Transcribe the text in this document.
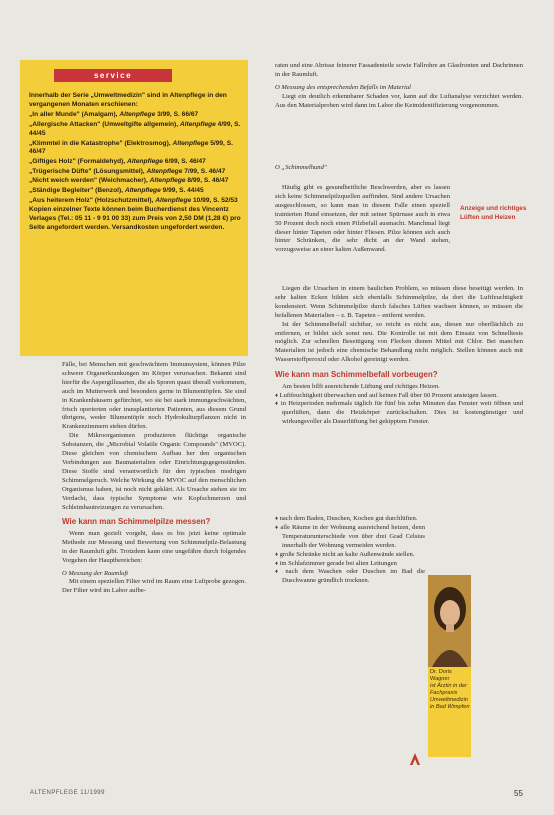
service

Innerhalb der Serie „Umweltmedizin" sind in Altenpflege in den vergangenen Monaten erschienen:

„In aller Munde" (Amalgam), Altenpflege 3/99, S. 66/67

„Allergische Attacken" (Umweltgifte allgemein), Altenpflege 4/99, S. 44/45

„Klimmtel in die Katastrophe" (Elektrosmog), Altenpflege 5/99, S. 46/47

„Giftiges Holz" (Formaldehyd), Altenpflege 6/99, S. 46/47

„Trügerische Düfte" (Lösungsmittel), Altenpflege 7/99, S. 46/47

„Nicht weich werden" (Weichmacher), Altenpflege 8/99, S. 46/47

„Ständige Begleiter" (Benzol), Altenpflege 9/99, S. 44/45

„Aus heiterem Holz" (Holzschutzmittel), Altenpflege 10/99, S. 52/53

Kopien einzelner Texte können beim Bucherdienst des Vincentz Verlages (Tel.: 05 11 - 9 91 00 33) zum Preis von 2,50 DM (1,28 €) pro Seite angefordert werden. Versandkosten ungefordert werden.

raten und eine Abrisse feinerer Fassadenteile sowie Fallrohre an Glasfronten und Dachrinnen in der Raumluft.

O Messung des entsprechenden Befalls im Material

Liegt ein deutlich erkennbarer Schaden vor, kann auf die Luftanalyse verzichtet werden. Aus den Materialproben wird dann im Labor die Keimidentifizierung vorgenommen.

O „Schimmelhund"

Häufig gibt es gesundheitliche Beschwerden, aber es lassen sich keine Schimmelpilzquellen auffinden. Sind andere Ursachen ausgeschlossen, so kann man in diesem Falle einen speziell trainierten Hund einsetzen, der mit seiner Spürnase auch in etwa 50 Prozent doch noch einen Pilzbefall ausmacht. Manchmal liegt dieser hinter Tapeten oder hinter Fliesen. Pilze können sich auch hinter Schränken, die sehr dicht an der Wand stehen, vorzugsweise an einer kalten Außenwand.

Anzeige und richtiges Lüften und Heizen

Liegen die Ursachen in einem baulichen Problem, so müssen diese beseitigt werden. In sehr kalten Ecken bilden sich ebenfalls Schimmelpilze, da dort die Luftfeuchtigkeit kondensiert. Wenn Schimmelpilze durch falsches Lüften wachsen können, so müssen die befallenen Materialien – z. B. Tapeten – entfernt werden.

Ist der Schimmelbefall sichtbar, so reicht es nicht aus, diesen nur oberflächlich zu entfernen, er bildet sich sonst neu. Die Kontrolle ist mit dem Einsatz von Schnelltests möglich. Zur schnellen Beseitigung von Flecken dienen Mittel mit Chlor. Bei manchen Materialien ist jedoch eine chemische Behandlung nicht möglich. Stellen können auch mit Wasserstoffperoxid oder Alkohol gereinigt werden.

Wie kann man Schimmelbefall vorbeugen?

Am besten hilft ausreichende Lüftung und richtiges Heizen.

♦ Luftfeuchtigkeit überwachen und auf keinen Fall über 60 Prozent ansteigen lassen.

♦ in Heizperioden mehrmals täglich für fünf bis zehn Minuten das Fenster weit öffnen und querlüften, dann die Heizkörper zurückschalten. Dies ist kostengünstiger und wirkungsvoller als Dauerlüftung bei gekipptem Fenster.

♦ nach dem Baden, Duschen, Kochen gut durchlüften.

♦ alle Räume in der Wohnung ausreichend heizen, denn Temperaturunterschiede von über drei Grad Celsius innerhalb der Wohnung vermeiden werden.

♦ große Schränke nicht an kalte Außenwände stellen.

♦ im Schlafzimmer gerade bei alten Leitungen

♦ nach dem Waschen oder Duschen im Bad die Duschwanne gründlich trocknen.

Dr. Doris Wagner
ist Ärztin in der Fachpraxis Umweltmedizin
in Bad Wimpfen

Fälle, bei Menschen mit geschwächtem Immunsystem, können Pilze schwere Organerkrankungen im Körper verursachen. Bekannt sind hierfür die Aspergillusarten, die als Sporen quasi überall vorkommen, auch im Mutterwerk und besonders gerne in Blumentöpfen. Sie sind in Krankenhäusern gefürchtet, wo sie bei stark immungeschwächten, frisch operierten oder transplantierten Patienten, aus diesem Grund übrigens, weder Blumentöpfe noch Hydrokulturpflanzen nicht in Krankenzimmern stehen dürfen.

Die Mikroorganismen produzieren flüchtige organische Substanzen, die „Microbial Volatile Organic Compounds" (MVOC). Diese gleichen von chemischem Aufbau her den organischen Verbindungen aus Baumaterialien oder Einrichtungsgegenständen. Diese Stoffe sind verantwortlich für den typischen modrigen Schimmelgeruch. Welche Wirkung die MVOC auf den menschlichen Organismus haben, ist noch nicht geklärt. Als Ursache stehen sie im Verdacht, dass typische Symptome wie Kopfschmerzen und Schleimhautreizungen zu verursachen.

Wie kann man Schimmelpilze messen?

Wenn man gezielt vorgeht, dass es bis jetzt keine optimale Methode zur Messung und Bewertung von Schimmelpilz-Belastung in der Raumluft gibt. Trotzdem kann eine ungefähre durch folgendes Vorgehen der Hauptbereichen:

O Messung der Raumluft

Mit einem speziellen Filter wird im Raum eine Luftprobe gezogen. Der Filter wird im Labor aufbe-

ALTENPFLEGE 11/1999	55
